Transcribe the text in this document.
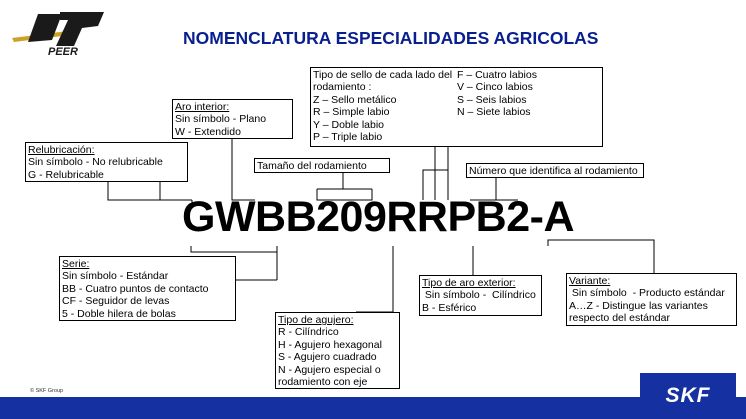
PEER
NOMENCLATURA ESPECIALIDADES AGRICOLAS
Relubricación:
Sin símbolo - No relubricable
G - Relubricable
Aro interior:
Sin símbolo - Plano
W - Extendido
Tamaño del rodamiento
Tipo de sello de cada lado del
rodamiento :
Z – Sello metálico
R – Simple labio
Y – Doble labio
P – Triple labio
F – Cuatro labios
V – Cinco labios
S – Seis labios
N – Siete labios
Número que identifica al rodamiento
GWBB209RRPB2-A
Serie:
Sin símbolo - Estándar
BB - Cuatro puntos de contacto
CF - Seguidor de levas
5 - Doble hilera de bolas
Tipo de agujero:
R - Cilíndrico
H - Agujero hexagonal
S - Agujero cuadrado
N - Agujero especial o
rodamiento con eje
Tipo de aro exterior:
Sin símbolo -  Cilíndrico
B - Esférico
Variante:
Sin símbolo  - Producto estándar
A…Z - Distingue las variantes
respecto del estándar
© SKF Group	SKF
